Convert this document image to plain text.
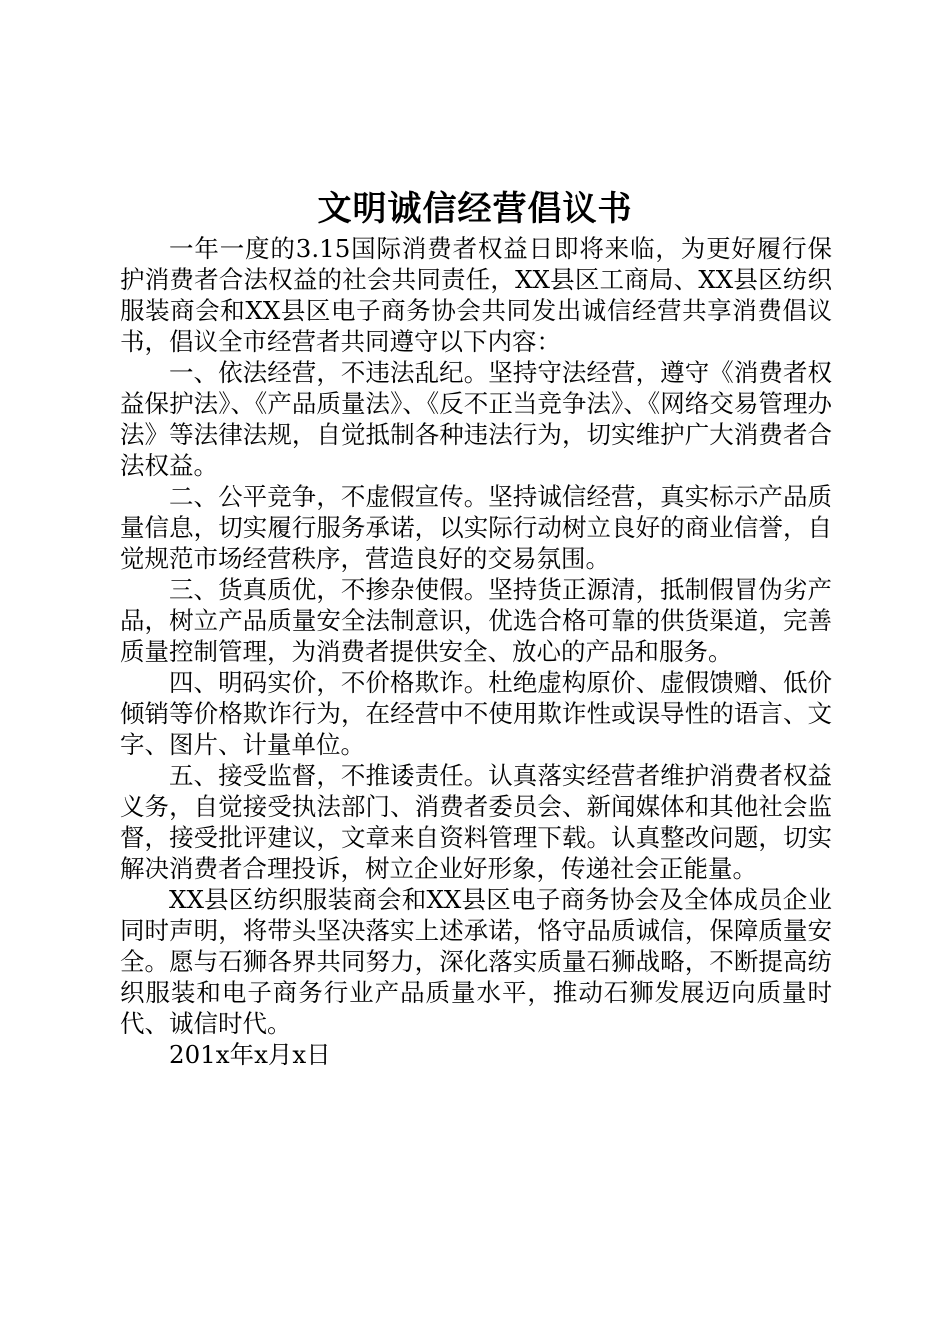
文明诚信经营倡议书

一年一度的3.15国际消费者权益日即将来临，为更好履行保护消费者合法权益的社会共同责任，XX县区工商局、XX县区纺织服装商会和XX县区电子商务协会共同发出诚信经营共享消费倡议书，倡议全市经营者共同遵守以下内容：

一、依法经营，不违法乱纪。坚持守法经营，遵守《消费者权益保护法》、《产品质量法》、《反不正当竞争法》、《网络交易管理办法》等法律法规，自觉抵制各种违法行为，切实维护广大消费者合法权益。

二、公平竞争，不虚假宣传。坚持诚信经营，真实标示产品质量信息，切实履行服务承诺，以实际行动树立良好的商业信誉，自觉规范市场经营秩序，营造良好的交易氛围。

三、货真质优，不掺杂使假。坚持货正源清，抵制假冒伪劣产品，树立产品质量安全法制意识，优选合格可靠的供货渠道，完善质量控制管理，为消费者提供安全、放心的产品和服务。

四、明码实价，不价格欺诈。杜绝虚构原价、虚假馈赠、低价倾销等价格欺诈行为，在经营中不使用欺诈性或误导性的语言、文字、图片、计量单位。

五、接受监督，不推诿责任。认真落实经营者维护消费者权益义务，自觉接受执法部门、消费者委员会、新闻媒体和其他社会监督，接受批评建议，文章来自资料管理下载。认真整改问题，切实解决消费者合理投诉，树立企业好形象，传递社会正能量。

XX县区纺织服装商会和XX县区电子商务协会及全体成员企业同时声明，将带头坚决落实上述承诺，恪守品质诚信，保障质量安全。愿与石狮各界共同努力，深化落实质量石狮战略，不断提高纺织服装和电子商务行业产品质量水平，推动石狮发展迈向质量时代、诚信时代。

201x年x月x日
